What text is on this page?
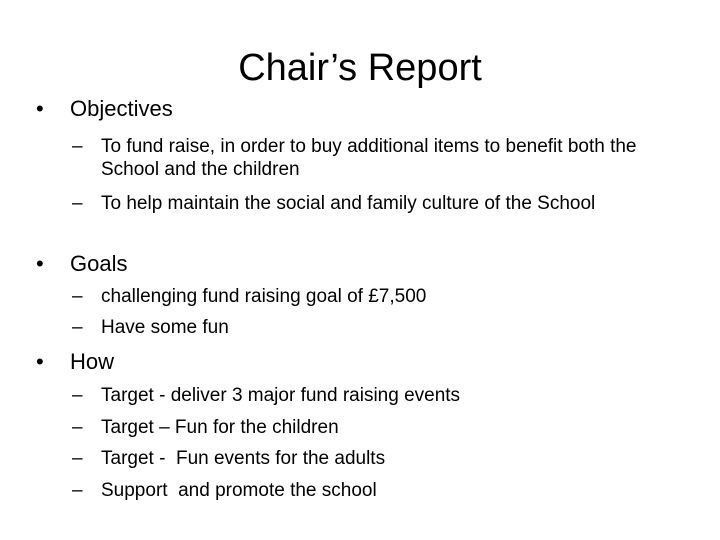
Chair’s Report
• Objectives
– To fund raise, in order to buy additional items to benefit both the School and the children
– To help maintain the social and family culture of the School
• Goals
– challenging fund raising goal of £7,500
– Have some fun
• How
– Target - deliver 3 major fund raising events
– Target – Fun for the children
– Target -  Fun events for the adults
– Support  and promote the school
